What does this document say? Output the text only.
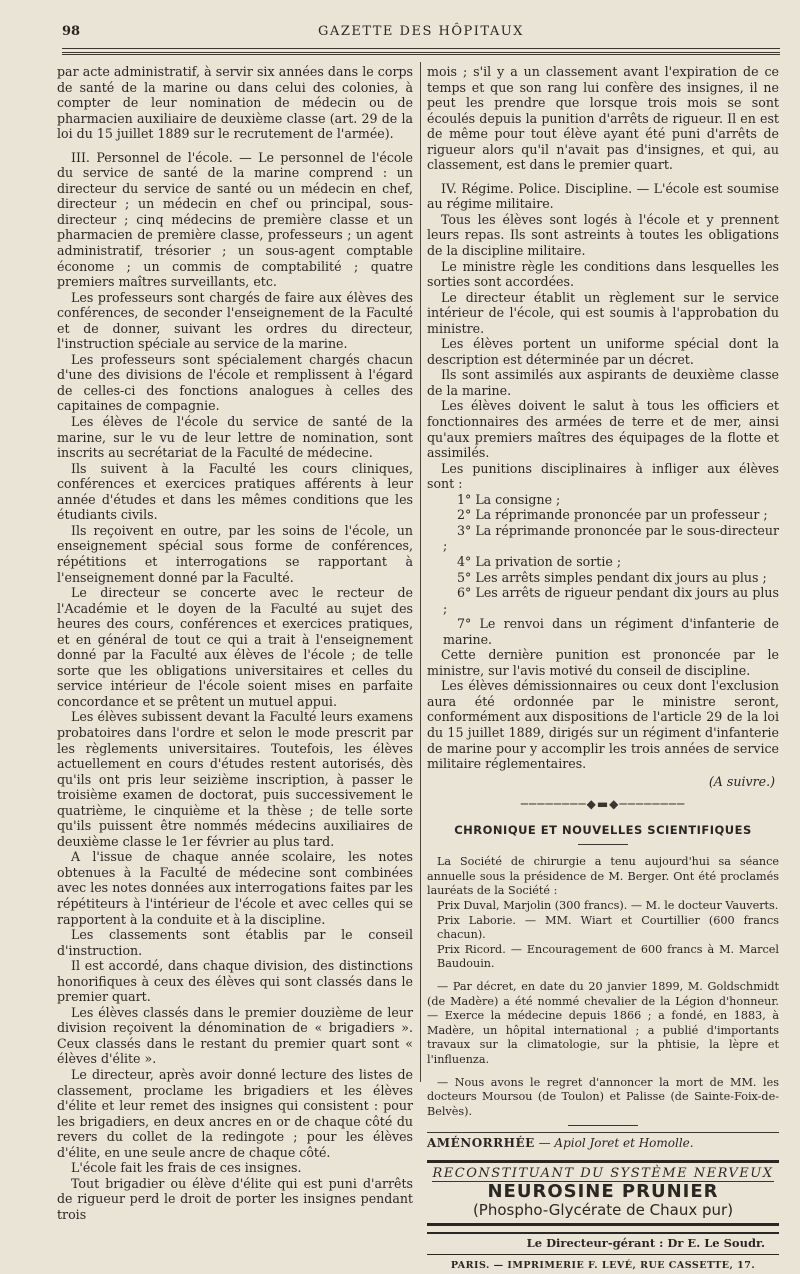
98	GAZETTE DES HÔPITAUX

par acte administratif, à servir six années dans le corps de santé de la marine ou dans celui des colonies, à compter de leur nomination de médecin ou de pharmacien auxiliaire de deuxième classe (art. 29 de la loi du 15 juillet 1889 sur le recrutement de l'armée).

III. Personnel de l'école. — Le personnel de l'école du service de santé de la marine comprend : un directeur du service de santé ou un médecin en chef, directeur ; un médecin en chef ou principal, sous-directeur ; cinq médecins de première classe et un pharmacien de première classe, professeurs ; un agent administratif, trésorier ; un sous-agent comptable économe ; un commis de comptabilité ; quatre premiers maîtres surveillants, etc.

Les professeurs sont chargés de faire aux élèves des conférences, de seconder l'enseignement de la Faculté et de donner, suivant les ordres du directeur, l'instruction spéciale au service de la marine.

Les professeurs sont spécialement chargés chacun d'une des divisions de l'école et remplissent à l'égard de celles-ci des fonctions analogues à celles des capitaines de compagnie.

Les élèves de l'école du service de santé de la marine, sur le vu de leur lettre de nomination, sont inscrits au secrétariat de la Faculté de médecine.

Ils suivent à la Faculté les cours cliniques, conférences et exercices pratiques afférents à leur année d'études et dans les mêmes conditions que les étudiants civils.

Ils reçoivent en outre, par les soins de l'école, un enseignement spécial sous forme de conférences, répétitions et interrogations se rapportant à l'enseignement donné par la Faculté.

Le directeur se concerte avec le recteur de l'Académie et le doyen de la Faculté au sujet des heures des cours, conférences et exercices pratiques, et en général de tout ce qui a trait à l'enseignement donné par la Faculté aux élèves de l'école ; de telle sorte que les obligations universitaires et celles du service intérieur de l'école soient mises en parfaite concordance et se prêtent un mutuel appui.

Les élèves subissent devant la Faculté leurs examens probatoires dans l'ordre et selon le mode prescrit par les règlements universitaires. Toutefois, les élèves actuellement en cours d'études restent autorisés, dès qu'ils ont pris leur seizième inscription, à passer le troisième examen de doctorat, puis successivement le quatrième, le cinquième et la thèse ; de telle sorte qu'ils puissent être nommés médecins auxiliaires de deuxième classe le 1er février au plus tard.

A l'issue de chaque année scolaire, les notes obtenues à la Faculté de médecine sont combinées avec les notes données aux interrogations faites par les répétiteurs à l'intérieur de l'école et avec celles qui se rapportent à la conduite et à la discipline.

Les classements sont établis par le conseil d'instruction.

Il est accordé, dans chaque division, des distinctions honorifiques à ceux des élèves qui sont classés dans le premier quart.

Les élèves classés dans le premier douzième de leur division reçoivent la dénomination de « brigadiers ». Ceux classés dans le restant du premier quart sont « élèves d'élite ».

Le directeur, après avoir donné lecture des listes de classement, proclame les brigadiers et les élèves d'élite et leur remet des insignes qui consistent : pour les brigadiers, en deux ancres en or de chaque côté du revers du collet de la redingote ; pour les élèves d'élite, en une seule ancre de chaque côté.

L'école fait les frais de ces insignes.

Tout brigadier ou élève d'élite qui est puni d'arrêts de rigueur perd le droit de porter les insignes pendant trois

mois ; s'il y a un classement avant l'expiration de ce temps et que son rang lui confère des insignes, il ne peut les prendre que lorsque trois mois se sont écoulés depuis la punition d'arrêts de rigueur. Il en est de même pour tout élève ayant été puni d'arrêts de rigueur alors qu'il n'avait pas d'insignes, et qui, au classement, est dans le premier quart.

IV. Régime. Police. Discipline. — L'école est soumise au régime militaire.

Tous les élèves sont logés à l'école et y prennent leurs repas. Ils sont astreints à toutes les obligations de la discipline militaire.

Le ministre règle les conditions dans lesquelles les sorties sont accordées.

Le directeur établit un règlement sur le service intérieur de l'école, qui est soumis à l'approbation du ministre.

Les élèves portent un uniforme spécial dont la description est déterminée par un décret.

Ils sont assimilés aux aspirants de deuxième classe de la marine.

Les élèves doivent le salut à tous les officiers et fonctionnaires des armées de terre et de mer, ainsi qu'aux premiers maîtres des équipages de la flotte et assimilés.

Les punitions disciplinaires à infliger aux élèves sont :

1° La consigne ;

2° La réprimande prononcée par un professeur ;

3° La réprimande prononcée par le sous-directeur ;

4° La privation de sortie ;

5° Les arrêts simples pendant dix jours au plus ;

6° Les arrêts de rigueur pendant dix jours au plus ;

7° Le renvoi dans un régiment d'infanterie de marine.

Cette dernière punition est prononcée par le ministre, sur l'avis motivé du conseil de discipline.

Les élèves démissionnaires ou ceux dont l'exclusion aura été ordonnée par le ministre seront, conformément aux dispositions de l'article 29 de la loi du 15 juillet 1889, dirigés sur un régiment d'infanterie de marine pour y accomplir les trois années de service militaire réglementaires.

(A suivre.)
────────◆▬◆────────
CHRONIQUE ET NOUVELLES SCIENTIFIQUES

La Société de chirurgie a tenu aujourd'hui sa séance annuelle sous la présidence de M. Berger. Ont été proclamés lauréats de la Société :

Prix Duval, Marjolin (300 francs). — M. le docteur Vauverts.

Prix Laborie. — MM. Wiart et Courtillier (600 francs chacun).

Prix Ricord. — Encouragement de 600 francs à M. Marcel Baudouin.

— Par décret, en date du 20 janvier 1899, M. Goldschmidt (de Madère) a été nommé chevalier de la Légion d'honneur. — Exerce la médecine depuis 1866 ; a fondé, en 1883, à Madère, un hôpital international ; a publié d'importants travaux sur la climatologie, sur la phtisie, la lèpre et l'influenza.

— Nous avons le regret d'annoncer la mort de MM. les docteurs Moursou (de Toulon) et Palisse (de Sainte-Foix-de-Belvès).

AMÉNORRHÉE — Apiol Joret et Homolle.
RECONSTITUANT DU SYSTÈME NERVEUX
NEUROSINE PRUNIER
(Phospho-Glycérate de Chaux pur)
Le Directeur-gérant : Dr E. Le Soudr.
PARIS. — IMPRIMERIE F. LEVÉ, RUE CASSETTE, 17.
